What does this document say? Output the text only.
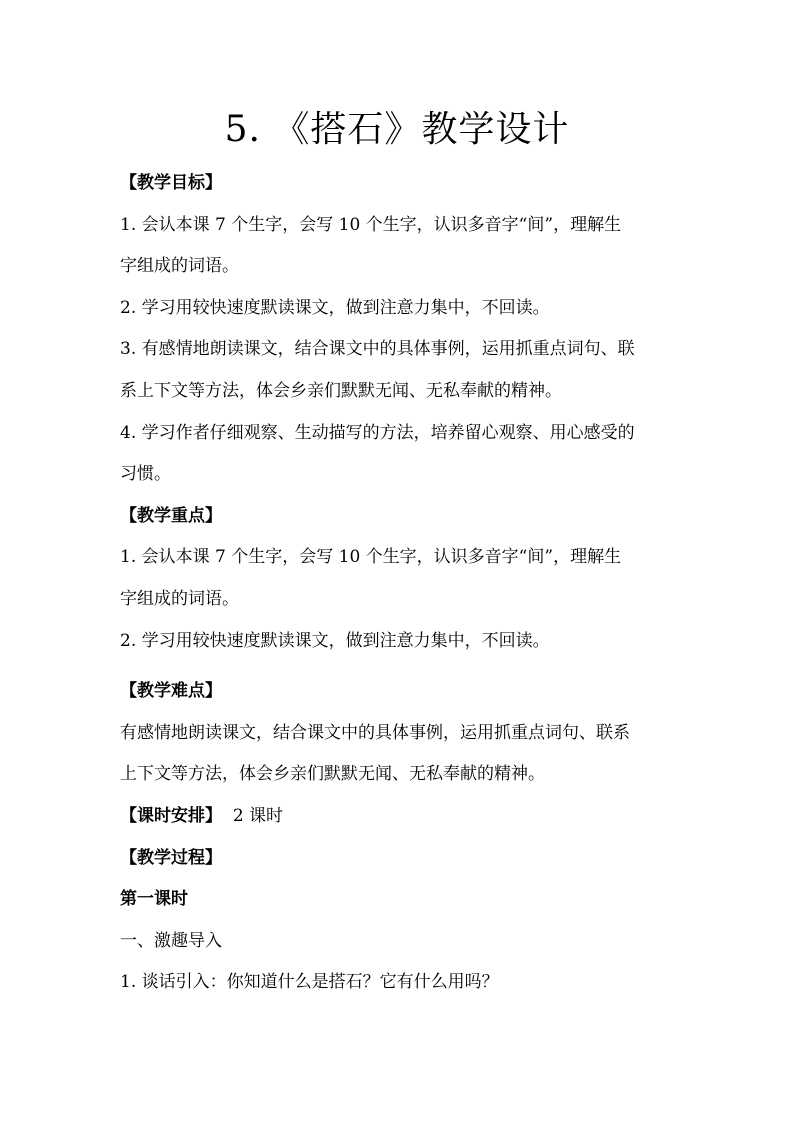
5. 《搭石》教学设计

【教学目标】

1. 会认本课 7 个生字，会写 10 个生字，认识多音字“间”，理解生

字组成的词语。

2. 学习用较快速度默读课文，做到注意力集中，不回读。

3. 有感情地朗读课文，结合课文中的具体事例，运用抓重点词句、联

系上下文等方法，体会乡亲们默默无闻、无私奉献的精神。

4. 学习作者仔细观察、生动描写的方法，培养留心观察、用心感受的

习惯。

【教学重点】

1. 会认本课 7 个生字，会写 10 个生字，认识多音字“间”，理解生

字组成的词语。

2. 学习用较快速度默读课文，做到注意力集中，不回读。

【教学难点】

有感情地朗读课文，结合课文中的具体事例，运用抓重点词句、联系

上下文等方法，体会乡亲们默默无闻、无私奉献的精神。

【课时安排】 2 课时

【教学过程】

第一课时

一、激趣导入

1. 谈话引入：你知道什么是搭石？它有什么用吗？
